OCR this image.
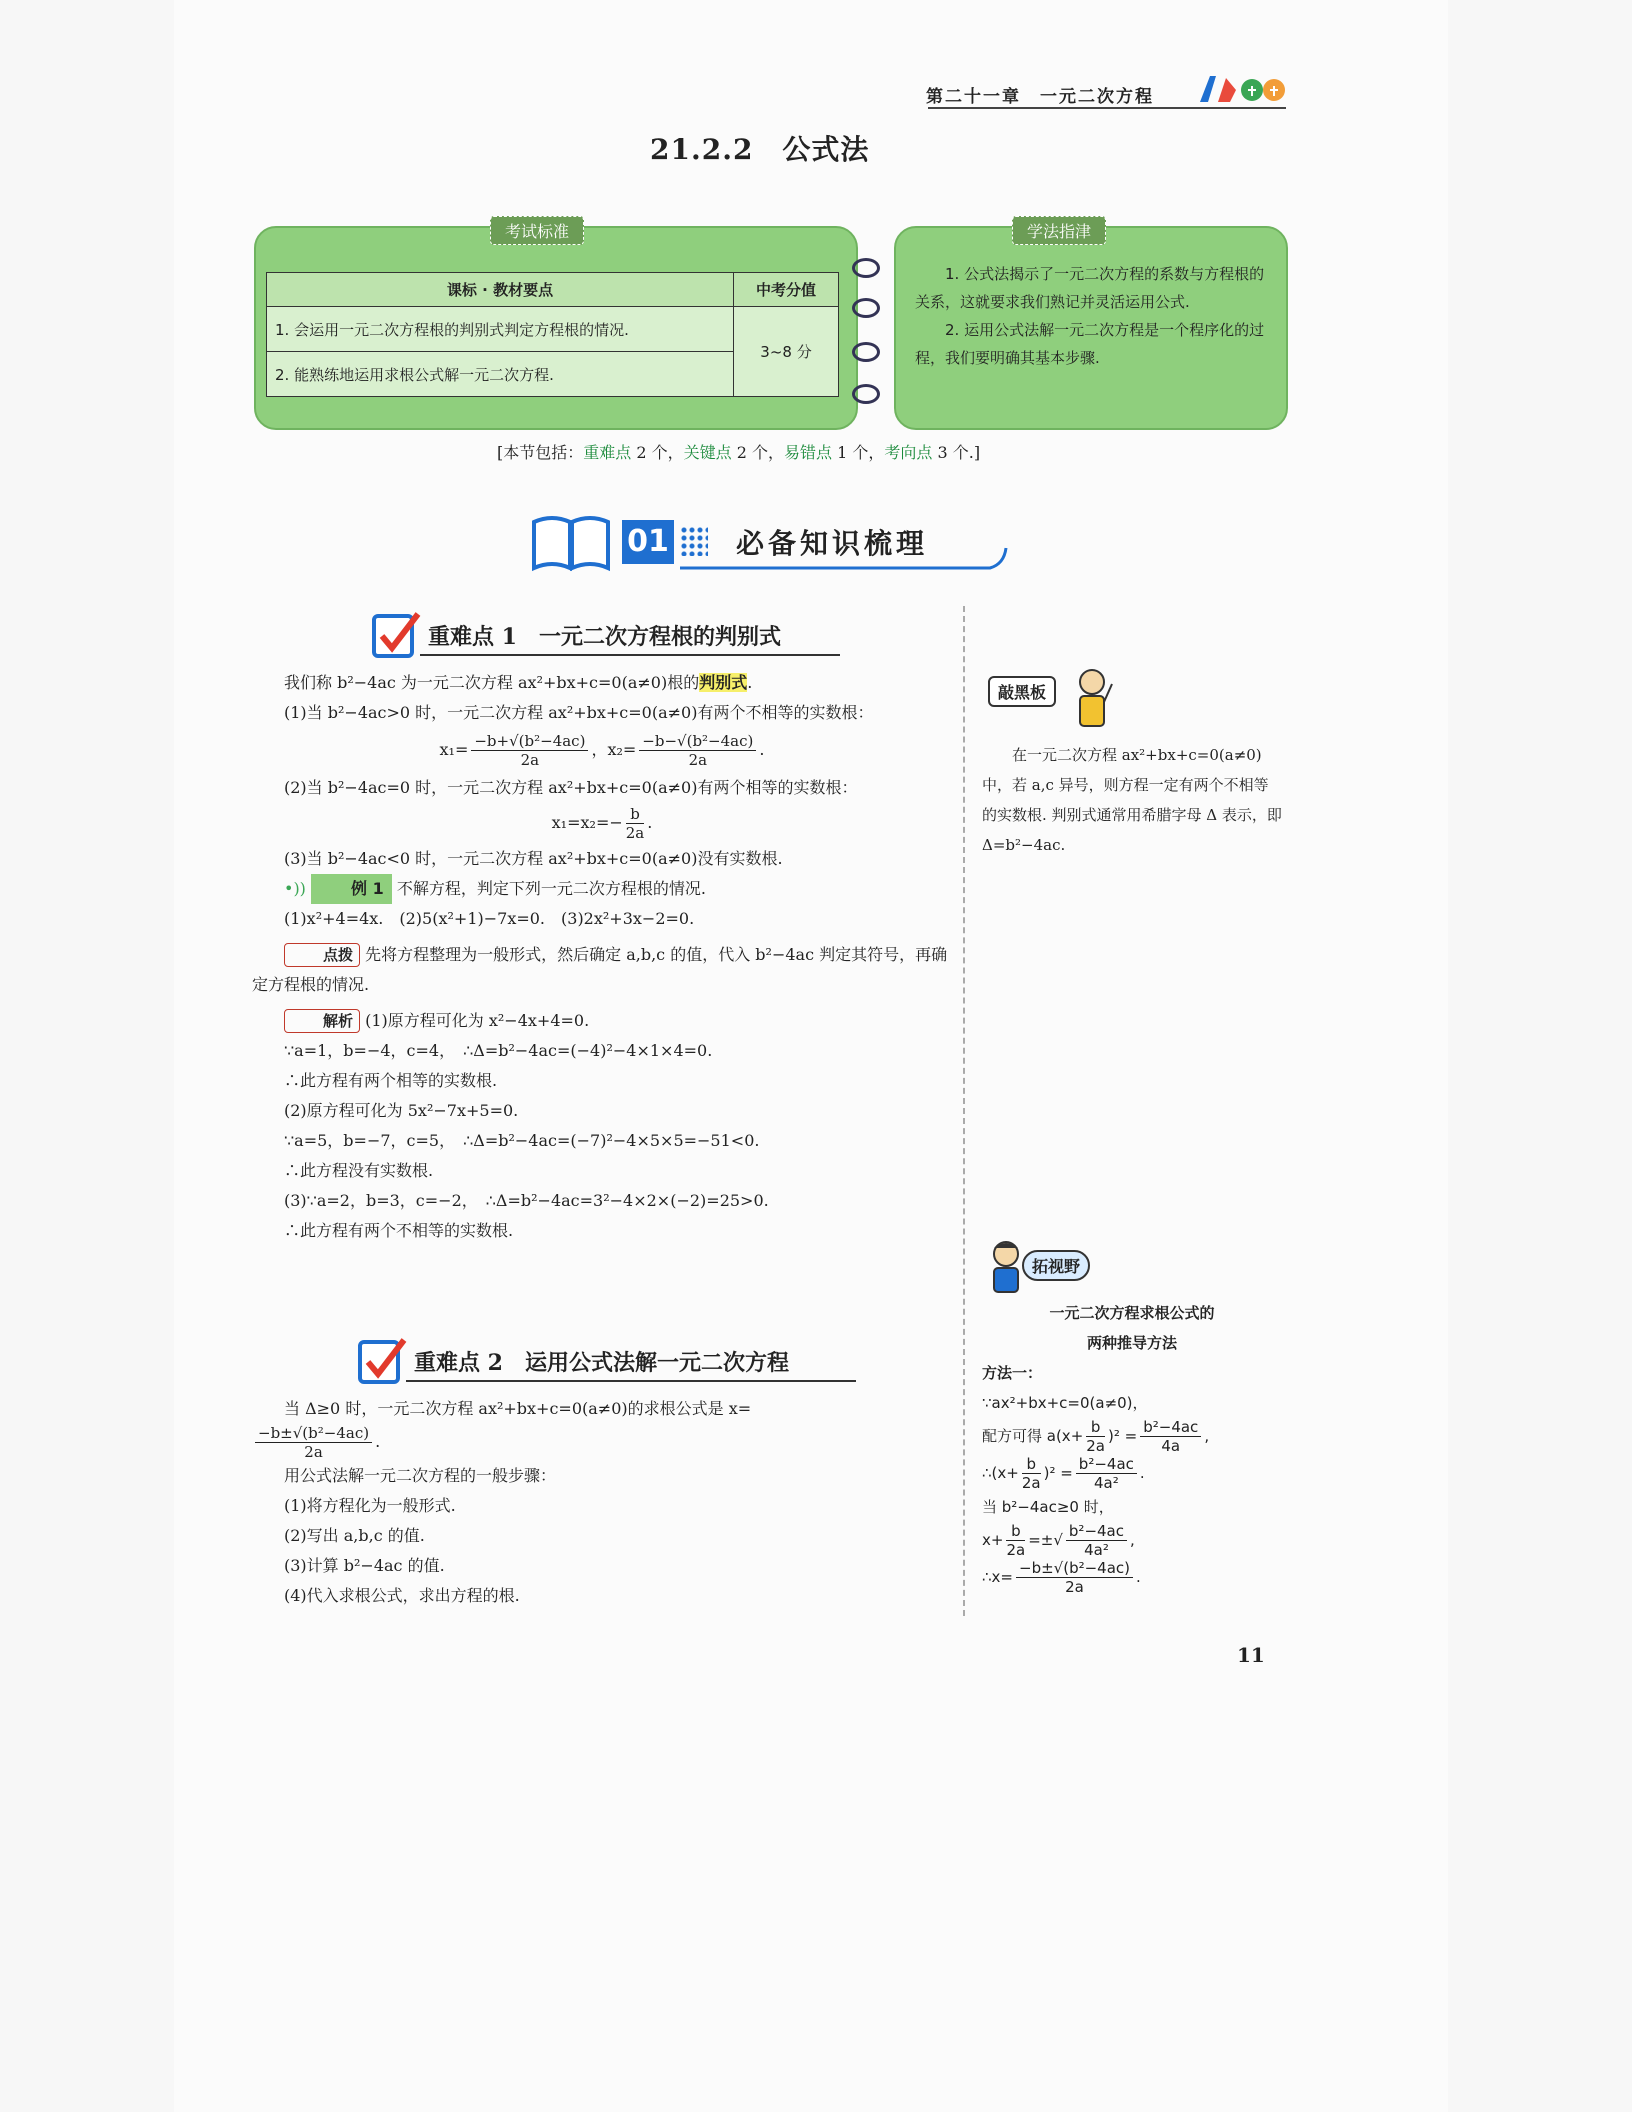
第二十一章　一元二次方程
21.2.2　公式法
考试标准
课标 · 教材要点	中考分值
1. 会运用一元二次方程根的判别式判定方程根的情况.	3~8 分
2. 能熟练地运用求根公式解一元二次方程.	
学法指津

1. 公式法揭示了一元二次方程的系数与方程根的关系，这就要求我们熟记并灵活运用公式.

2. 运用公式法解一元二次方程是一个程序化的过程，我们要明确其基本步骤.

[本节包括：重难点 2 个，关键点 2 个，易错点 1 个，考向点 3 个.]
01 必备知识梳理
重难点 1　一元二次方程根的判别式
我们称 b²−4ac 为一元二次方程 ax²+bx+c=0(a≠0)根的判别式.
(1)当 b²−4ac>0 时，一元二次方程 ax²+bx+c=0(a≠0)有两个不相等的实数根：
$x_1= \frac{\text{−b+√(b²−4ac)}}{2a}$ ，$x_2= \frac{\text{−b−√(b²−4ac)}}{2a}$ .
(2)当 b²−4ac=0 时，一元二次方程 ax²+bx+c=0(a≠0)有两个相等的实数根：
$x_1=x_2=- \frac{b}{2a}$ .
(3)当 b²−4ac<0 时，一元二次方程 ax²+bx+c=0(a≠0)没有实数根.
•))	例 1 不解方程，判定下列一元二次方程根的情况.
(1)x²+4=4x.　(2)5(x²+1)−7x=0.　(3)2x²+3x−2=0.
点拨 先将方程整理为一般形式，然后确定 a,b,c 的值，代入 b²−4ac 判定其符号，再确定方程根的情况.
解析 (1)原方程可化为 x²−4x+4=0.
∵a=1，b=−4，c=4，　∴Δ=b²−4ac=(−4)²−4×1×4=0.
∴此方程有两个相等的实数根.
(2)原方程可化为 5x²−7x+5=0.
∵a=5，b=−7，c=5，　∴Δ=b²−4ac=(−7)²−4×5×5=−51<0.
∴此方程没有实数根.
(3)∵a=2，b=3，c=−2，　∴Δ=b²−4ac=3²−4×2×(−2)=25>0.
∴此方程有两个不相等的实数根.
重难点 2　运用公式法解一元二次方程
当 Δ≥0 时，一元二次方程 ax²+bx+c=0(a≠0)的求根公式是 x=
$\frac{\text{−b±√(b²−4ac)}}{2a}$ .
用公式法解一元二次方程的一般步骤：
(1)将方程化为一般形式.
(2)写出 a,b,c 的值.
(3)计算 b²−4ac 的值.
(4)代入求根公式，求出方程的根.
敲黑板
在一元二次方程 ax²+bx+c=0(a≠0)中，若 a,c 异号，则方程一定有两个不相等的实数根. 判别式通常用希腊字母 Δ 表示，即 Δ=b²−4ac.
拓视野
一元二次方程求根公式的
两种推导方法
方法一：
∵ax²+bx+c=0(a≠0)，
配方可得 $a(x+ \frac{b}{2a} )^2 = \frac{\text{b²−4ac}}{4a}$ ,
∴(x+ $\frac{b}{2a} )^2 = \frac{\text{b²−4ac}}{\text{4a²}}$ .
当 b²−4ac≥0 时，
$x+ \frac{b}{2a}$ =±√ $\frac{\text{b²−4ac}}{\text{4a²}}$ ,
∴x= $\frac{\text{−b±√(b²−4ac)}}{2a}$ .
11
